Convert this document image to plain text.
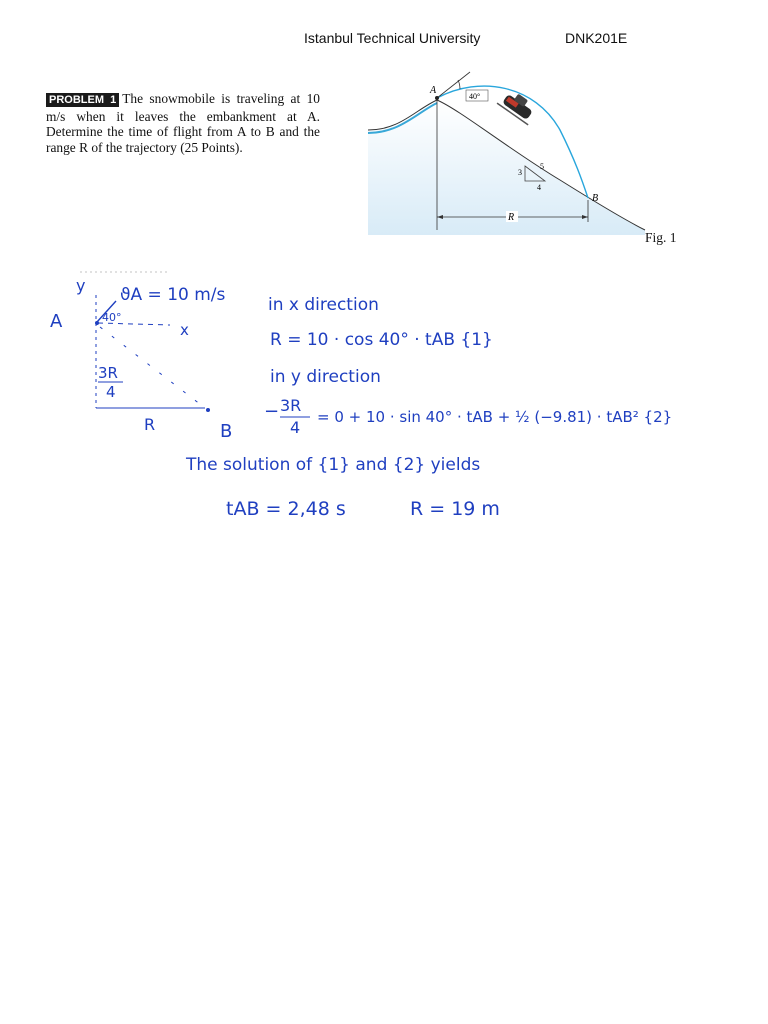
Istanbul Technical University	DNK201E
PROBLEM 1 The snowmobile is traveling at 10 m/s when it leaves the embankment at A. Determine the time of flight from A to B and the range R of the trajectory (25 Points).
3
5
4
40°
A
B
R
Fig. 1
y
x
A
B
ϑA = 10 m/s
40°
3R
4
R
in x direction
R = 10 · cos 40° · tAB {1}
in y direction
− 3R
4
= 0 + 10 · sin 40° · tAB + ½ (−9.81) · tAB² {2}
The solution of {1} and {2} yields
tAB = 2,48 s	R = 19 m
